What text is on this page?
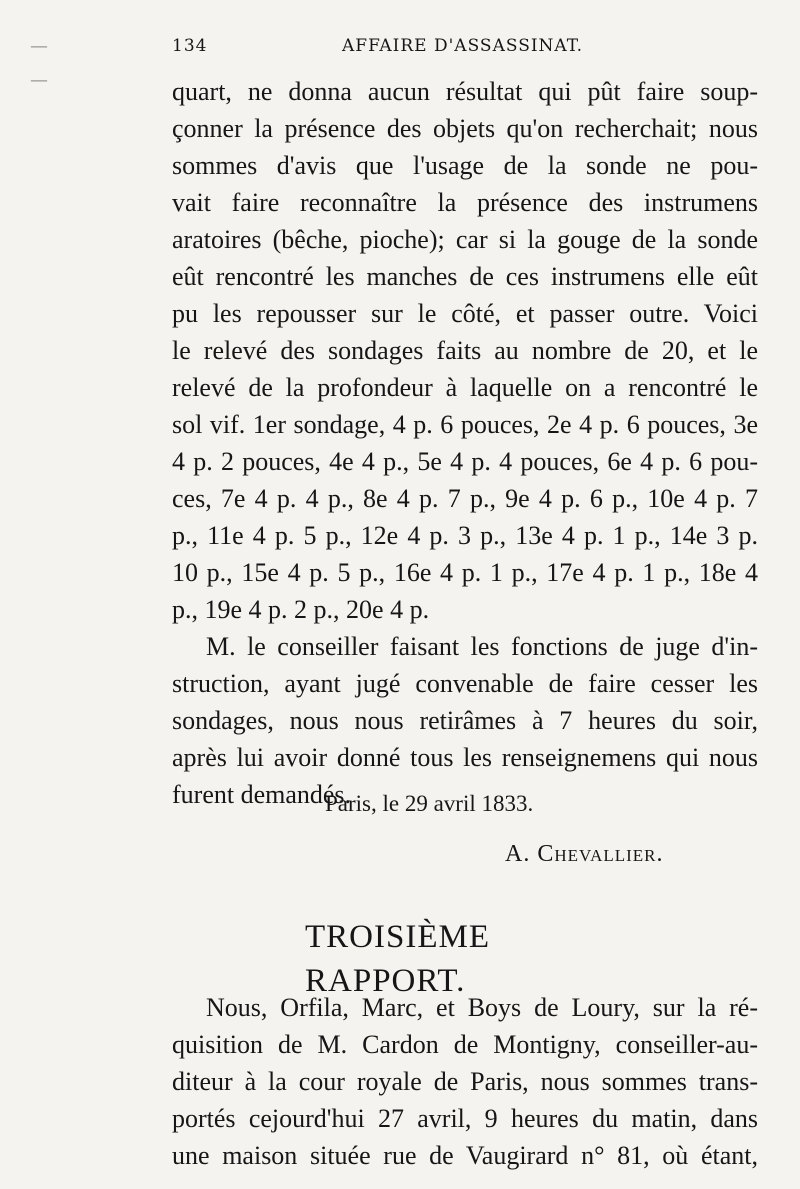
134	AFFAIRE D'ASSASSINAT.
quart, ne donna aucun résultat qui pût faire soup-
çonner la présence des objets qu'on recherchait; nous
sommes d'avis que l'usage de la sonde ne pou-
vait faire reconnaître la présence des instrumens
aratoires (bêche, pioche); car si la gouge de la sonde
eût rencontré les manches de ces instrumens elle eût
pu les repousser sur le côté, et passer outre. Voici
le relevé des sondages faits au nombre de 20, et le
relevé de la profondeur à laquelle on a rencontré le
sol vif. 1er sondage, 4 p. 6 pouces, 2e 4 p. 6 pouces, 3e
4 p. 2 pouces, 4e 4 p., 5e 4 p. 4 pouces, 6e 4 p. 6 pou-
ces, 7e 4 p. 4 p., 8e 4 p. 7 p., 9e 4 p. 6 p., 10e 4 p. 7
p., 11e 4 p. 5 p., 12e 4 p. 3 p., 13e 4 p. 1 p., 14e 3 p.
10 p., 15e 4 p. 5 p., 16e 4 p. 1 p., 17e 4 p. 1 p., 18e 4
p., 19e 4 p. 2 p., 20e 4 p.
M. le conseiller faisant les fonctions de juge d'in-
struction, ayant jugé convenable de faire cesser les
sondages, nous nous retirâmes à 7 heures du soir,
après lui avoir donné tous les renseignemens qui nous
furent demandés.
Paris, le 29 avril 1833.
A. Chevallier.
TROISIÈME RAPPORT.
Nous, Orfila, Marc, et Boys de Loury, sur la ré-
quisition de M. Cardon de Montigny, conseiller-au-
diteur à la cour royale de Paris, nous sommes trans-
portés cejourd'hui 27 avril, 9 heures du matin, dans
une maison située rue de Vaugirard n° 81, où étant,
—
—
